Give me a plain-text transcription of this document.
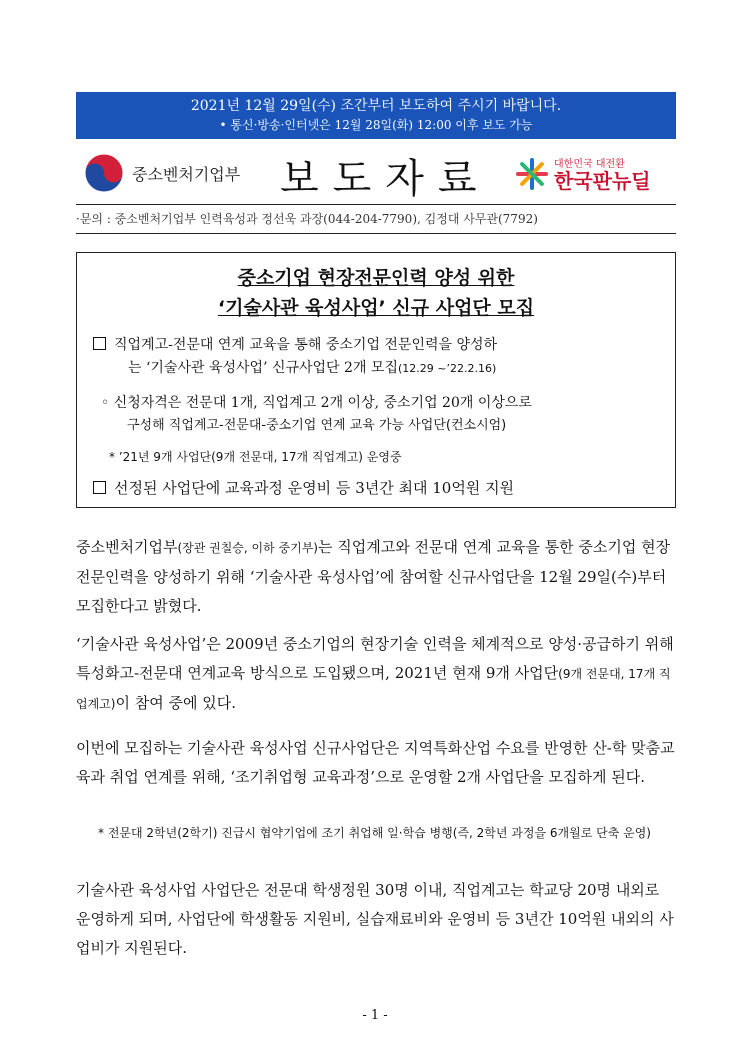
2021년 12월 29일(수) 조간부터 보도하여 주시기 바랍니다.
• 통신·방송·인터넷은 12월 28일(화) 12:00 이후 보도 가능
중소벤처기업부 보도자료	대한민국 대전환
한국판뉴딜
·문의 : 중소벤처기업부 인력육성과 정선욱 과장(044-204-7790), 김정대 사무관(7792)
중소기업 현장전문인력 양성 위한
‘기술사관 육성사업’ 신규 사업단 모집
직업계고-전문대 연계 교육을 통해 중소기업 전문인력을 양성하
는 ‘기술사관 육성사업’ 신규사업단 2개 모집(12.29 ~’22.2.16)
◦ 신청자격은 전문대 1개, 직업계고 2개 이상, 중소기업 20개 이상으로
구성해 직업계고-전문대-중소기업 연계 교육 가능 사업단(컨소시엄)
* ’21년 9개 사업단(9개 전문대, 17개 직업계고) 운영중
선정된 사업단에 교육과정 운영비 등 3년간 최대 10억원 지원
중소벤처기업부(장관 권칠승, 이하 중기부)는 직업계고와 전문대 연계 교육을 통한 중소기업 현장전문인력을 양성하기 위해 ‘기술사관 육성사업’에 참여할 신규사업단을 12월 29일(수)부터 모집한다고 밝혔다.
‘기술사관 육성사업’은 2009년 중소기업의 현장기술 인력을 체계적으로 양성·공급하기 위해 특성화고-전문대 연계교육 방식으로 도입됐으며, 2021년 현재 9개 사업단(9개 전문대, 17개 직업계고)이 참여 중에 있다.
이번에 모집하는 기술사관 육성사업 신규사업단은 지역특화산업 수요를 반영한 산-학 맞춤교육과 취업 연계를 위해, ‘조기취업형 교육과정’으로 운영할 2개 사업단을 모집하게 된다.
* 전문대 2학년(2학기) 진급시 협약기업에 조기 취업해 일·학습 병행(즉, 2학년 과정을 6개월로 단축 운영)
기술사관 육성사업 사업단은 전문대 학생정원 30명 이내, 직업계고는 학교당 20명 내외로 운영하게 되며, 사업단에 학생활동 지원비, 실습재료비와 운영비 등 3년간 10억원 내외의 사업비가 지원된다.
- 1 -
